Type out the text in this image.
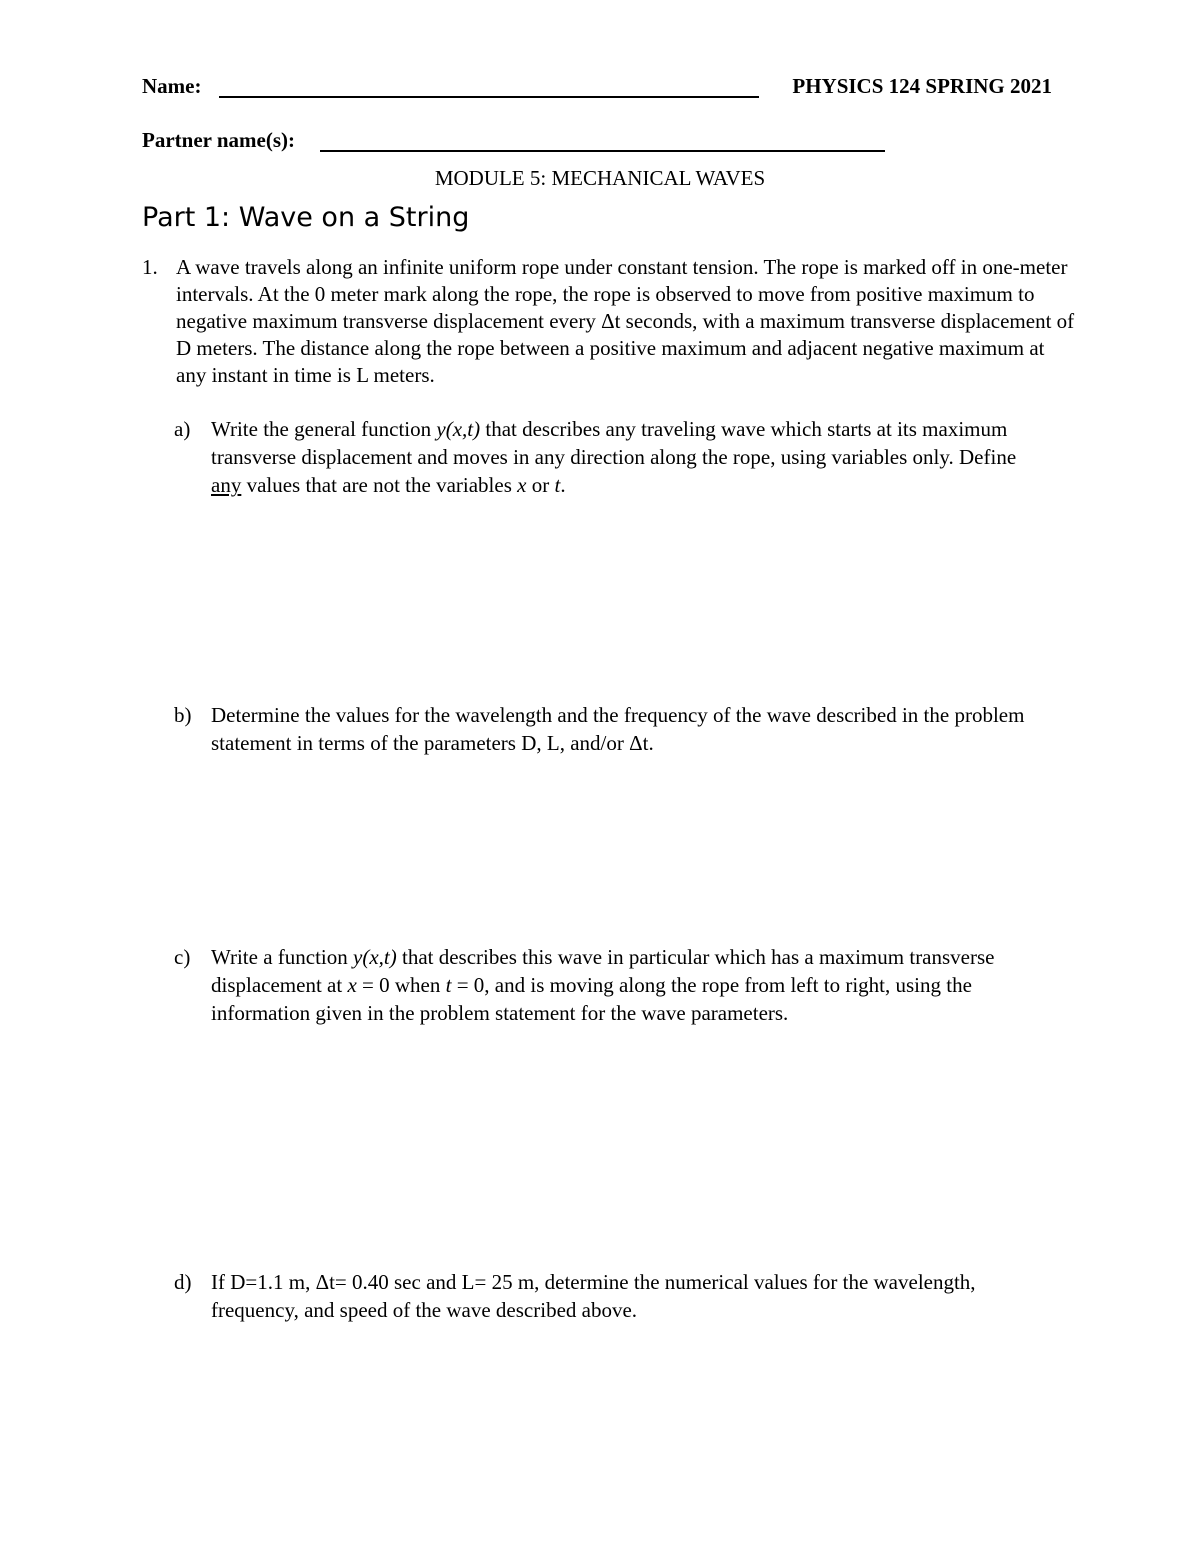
Name:	PHYSICS 124 SPRING 2021
Partner name(s):
MODULE 5: MECHANICAL WAVES
Part 1: Wave on a String
1. A wave travels along an infinite uniform rope under constant tension. The rope is marked off in one-meter intervals. At the 0 meter mark along the rope, the rope is observed to move from positive maximum to negative maximum transverse displacement every Δt seconds, with a maximum transverse displacement of D meters. The distance along the rope between a positive maximum and adjacent negative maximum at any instant in time is L meters.
a) Write the general function y(x,t) that describes any traveling wave which starts at its maximum transverse displacement and moves in any direction along the rope, using variables only. Define any values that are not the variables x or t.
b) Determine the values for the wavelength and the frequency of the wave described in the problem statement in terms of the parameters D, L, and/or Δt.
c) Write a function y(x,t) that describes this wave in particular which has a maximum transverse displacement at x = 0 when t = 0, and is moving along the rope from left to right, using the information given in the problem statement for the wave parameters.
d) If D=1.1 m, Δt= 0.40 sec and L= 25 m, determine the numerical values for the wavelength, frequency, and speed of the wave described above.
